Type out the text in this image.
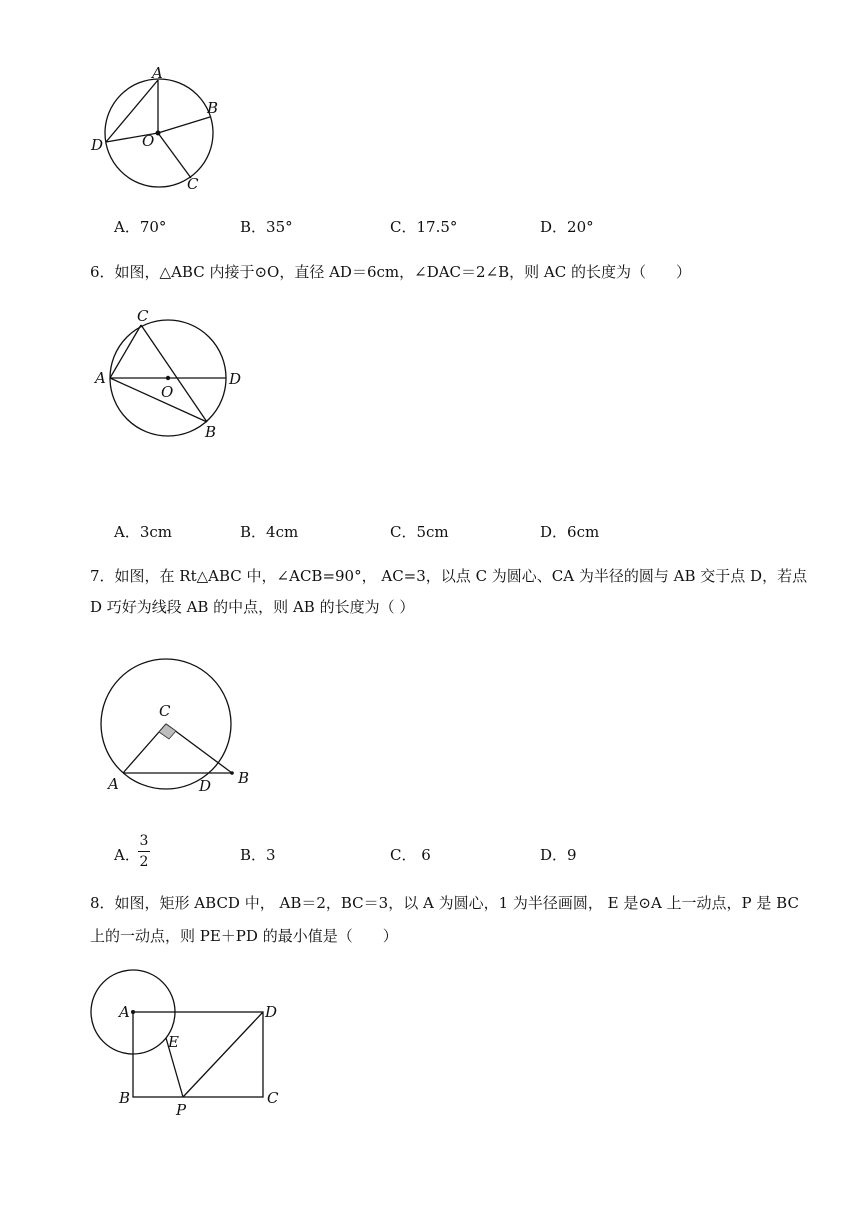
A
B
C
D	O
A．70°	B．35°	C．17.5°	D．20°
6．如图，△ABC 内接于⊙O，直径 AD＝6cm，∠DAC＝2∠B，则 AC 的长度为（　　）
A
B
C
D
O
A．3cm	B．4cm	C．5cm	D．6cm
7．如图，在 Rt△ABC 中，∠ACB=90°， AC=3，以点 C 为圆心、CA 为半径的圆与 AB 交于点 D，若点
D 巧好为线段 AB 的中点，则 AB 的长度为（ ）
A	B
C
D
A．
3
2	B．3	C． 6	D．9
8．如图，矩形 ABCD 中， AB＝2，BC＝3，以 A 为圆心，1 为半径画圆， E 是⊙A 上一动点，P 是 BC
上的一动点，则 PE＋PD 的最小值是（　　）
A
B	C
D
E
P
